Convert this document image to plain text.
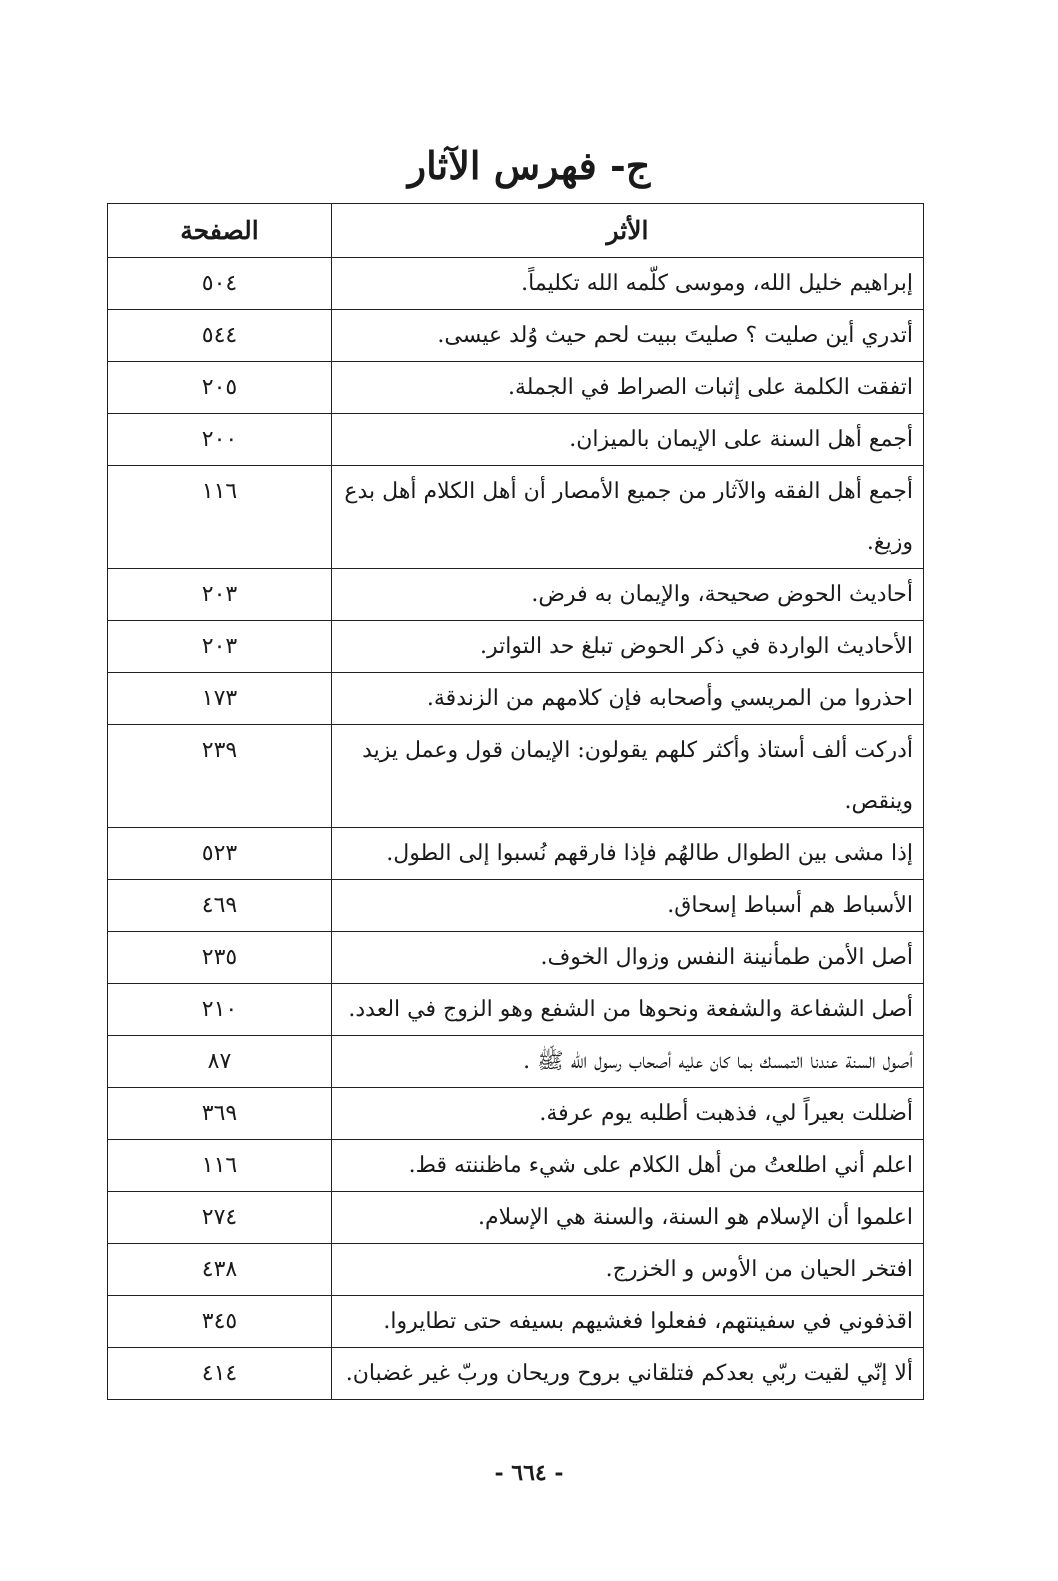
ج- فهرس الآثار
الأثر	الصفحة
إبراهيم خليل الله، وموسى كلّمه الله تكليماً.	٥٠٤
أتدري أين صليت ؟ صليتَ ببيت لحم حيث وُلد عيسى.	٥٤٤
اتفقت الكلمة على إثبات الصراط في الجملة.	٢٠٥
أجمع أهل السنة على الإيمان بالميزان.	٢٠٠
أجمع أهل الفقه والآثار من جميع الأمصار أن أهل الكلام أهل بدع وزيغ.	١١٦
أحاديث الحوض صحيحة، والإيمان به فرض.	٢٠٣
الأحاديث الواردة في ذكر الحوض تبلغ حد التواتر.	٢٠٣
احذروا من المريسي وأصحابه فإن كلامهم من الزندقة.	١٧٣
أدركت ألف أستاذ وأكثر كلهم يقولون: الإيمان قول وعمل يزيد وينقص.	٢٣٩
إذا مشى بين الطوال طالهُم فإذا فارقهم نُسبوا إلى الطول.	٥٢٣
الأسباط هم أسباط إسحاق.	٤٦٩
أصل الأمن طمأنينة النفس وزوال الخوف.	٢٣٥
أصل الشفاعة والشفعة ونحوها من الشفع وهو الزوج في العدد.	٢١٠
أصول السنة عندنا التمسك بما كان عليه أصحاب رسول الله ﷺ .	٨٧
أضللت بعيراً لي، فذهبت أطلبه يوم عرفة.	٣٦٩
اعلم أني اطلعتُ من أهل الكلام على شيء ماظننته قط.	١١٦
اعلموا أن الإسلام هو السنة، والسنة هي الإسلام.	٢٧٤
افتخر الحيان من الأوس و الخزرج.	٤٣٨
اقذفوني في سفينتهم، ففعلوا فغشيهم بسيفه حتى تطايروا.	٣٤٥
ألا إنّي لقيت ربّي بعدكم فتلقاني بروح وريحان وربّ غير غضبان.	٤١٤
- ٦٦٤ -
